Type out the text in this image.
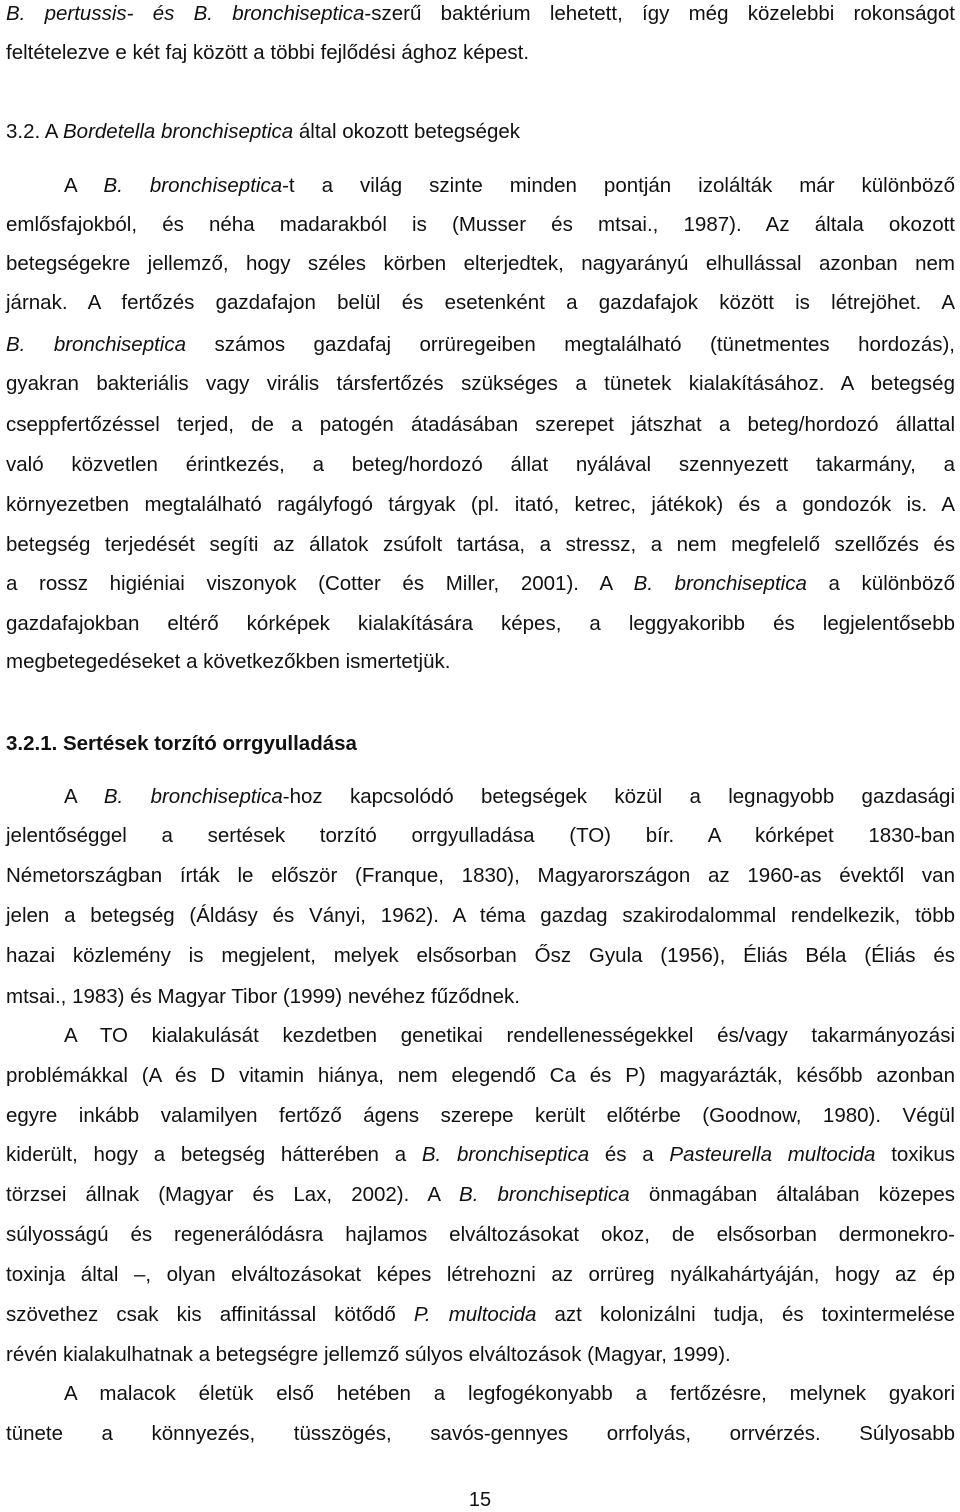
B. pertussis- és B. bronchiseptica-szerű baktérium lehetett, így még közelebbi rokonságot
feltételezve e két faj között a többi fejlődési ághoz képest.
3.2. A Bordetella bronchiseptica által okozott betegségek
A B. bronchiseptica-t a világ szinte minden pontján izolálták már különböző
emlősfajokból, és néha madarakból is (Musser és mtsai., 1987). Az általa okozott
betegségekre jellemző, hogy széles körben elterjedtek, nagyarányú elhullással azonban nem
járnak. A fertőzés gazdafajon belül és esetenként a gazdafajok között is létrejöhet. A
B. bronchiseptica számos gazdafaj orrüregeiben megtalálható (tünetmentes hordozás),
gyakran bakteriális vagy virális társfertőzés szükséges a tünetek kialakításához. A betegség
cseppfertőzéssel terjed, de a patogén átadásában szerepet játszhat a beteg/hordozó állattal
való közvetlen érintkezés, a beteg/hordozó állat nyálával szennyezett takarmány, a
környezetben megtalálható ragályfogó tárgyak (pl. itató, ketrec, játékok) és a gondozók is. A
betegség terjedését segíti az állatok zsúfolt tartása, a stressz, a nem megfelelő szellőzés és
a rossz higiéniai viszonyok (Cotter és Miller, 2001). A B. bronchiseptica a különböző
gazdafajokban eltérő kórképek kialakítására képes, a leggyakoribb és legjelentősebb
megbetegedéseket a következőkben ismertetjük.
3.2.1. Sertések torzító orrgyulladása
A B. bronchiseptica-hoz kapcsolódó betegségek közül a legnagyobb gazdasági
jelentőséggel a sertések torzító orrgyulladása (TO) bír. A kórképet 1830-ban
Németországban írták le először (Franque, 1830), Magyarországon az 1960-as évektől van
jelen a betegség (Áldásy és Ványi, 1962). A téma gazdag szakirodalommal rendelkezik, több
hazai közlemény is megjelent, melyek elsősorban Ősz Gyula (1956), Éliás Béla (Éliás és
mtsai., 1983) és Magyar Tibor (1999) nevéhez fűződnek.
A TO kialakulását kezdetben genetikai rendellenességekkel és/vagy takarmányozási
problémákkal (A és D vitamin hiánya, nem elegendő Ca és P) magyarázták, később azonban
egyre inkább valamilyen fertőző ágens szerepe került előtérbe (Goodnow, 1980). Végül
kiderült, hogy a betegség hátterében a B. bronchiseptica és a Pasteurella multocida toxikus
törzsei állnak (Magyar és Lax, 2002). A B. bronchiseptica önmagában általában közepes
súlyosságú és regenerálódásra hajlamos elváltozásokat okoz, de elsősorban dermonekro-
toxinja által –, olyan elváltozásokat képes létrehozni az orrüreg nyálkahártyáján, hogy az ép
szövethez csak kis affinitással kötődő P. multocida azt kolonizálni tudja, és toxintermelése
révén kialakulhatnak a betegségre jellemző súlyos elváltozások (Magyar, 1999).
A malacok életük első hetében a legfogékonyabb a fertőzésre, melynek gyakori
tünete a könnyezés, tüsszögés, savós-gennyes orrfolyás, orrvérzés. Súlyosabb
15
